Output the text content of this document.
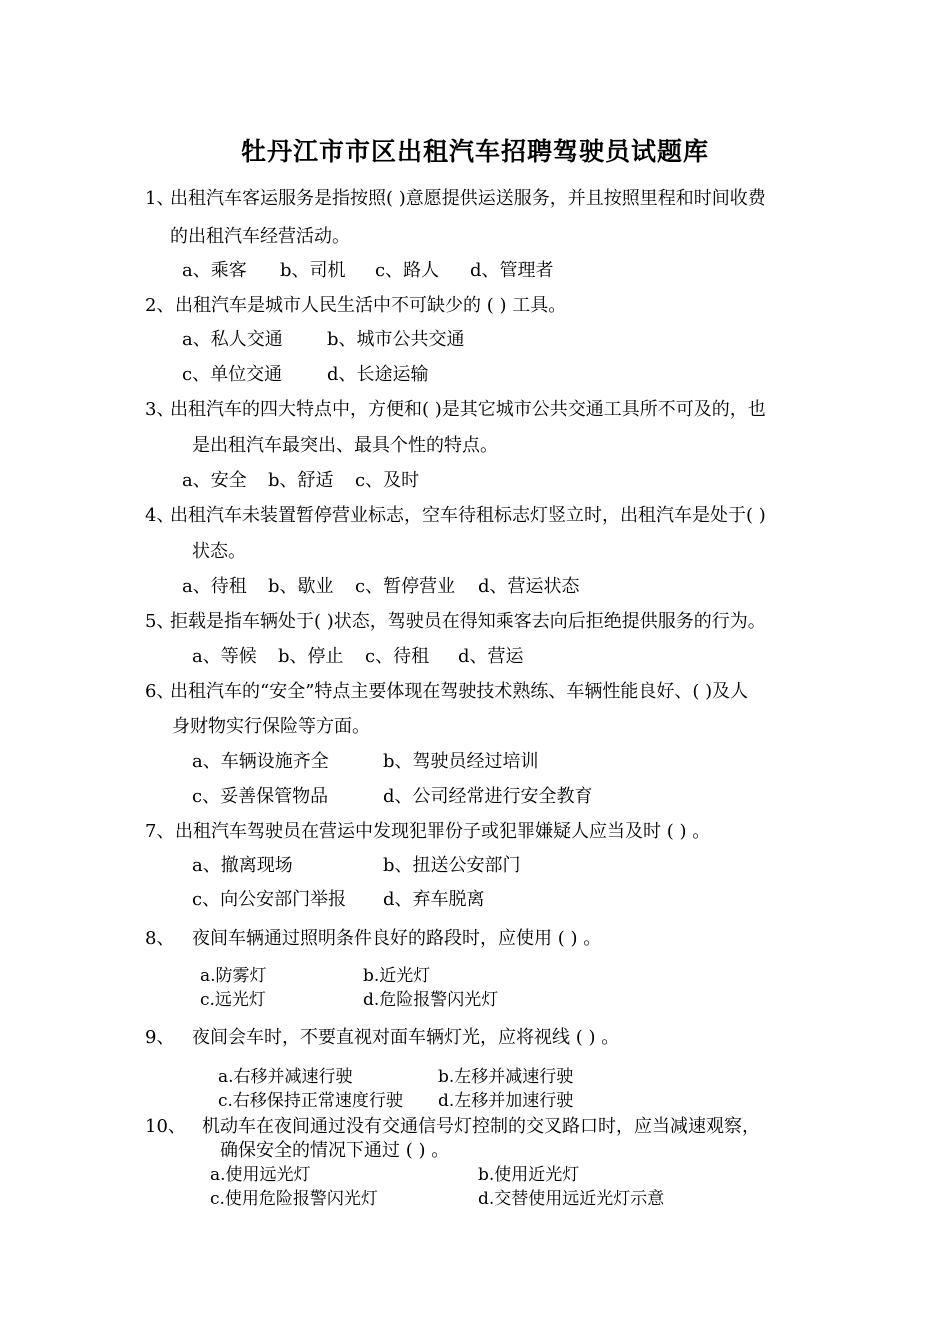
牡丹江市市区出租汽车招聘驾驶员试题库
1、
出租汽车客运服务是指按照( )意愿提供运送服务，并且按照里程和时间收费
的出租汽车经营活动。
a、乘客 b、司机 c、路人 d、管理者
2、 出租汽车是城市人民生活中不可缺少的 ( ) 工具。
a、私人交通 b、城市公共交通
c、单位交通 d、长途运输
3、
出租汽车的四大特点中，方便和( )是其它城市公共交通工具所不可及的，也
是出租汽车最突出、最具个性的特点。
a、安全 b、舒适 c、及时
4、
出租汽车未装置暂停营业标志，空车待租标志灯竖立时，出租汽车是处于( )
状态。
a、待租 b、歇业 c、暂停营业 d、营运状态
5、
拒载是指车辆处于( )状态，驾驶员在得知乘客去向后拒绝提供服务的行为。
a、等候 b、停止 c、待租 d、营运
6、
出租汽车的“安全”特点主要体现在驾驶技术熟练、车辆性能良好、( )及人
身财物实行保险等方面。
a、车辆设施齐全	b、驾驶员经过培训
c、妥善保管物品	d、公司经常进行安全教育
7、 出租汽车驾驶员在营运中发现犯罪份子或犯罪嫌疑人应当及时 ( ) 。
a、撤离现场	b、扭送公安部门
c、向公安部门举报 d、弃车脱离
8、 夜间车辆通过照明条件良好的路段时，应使用 ( ) 。
a.防雾灯	b.近光灯
c.远光灯	d.危险报警闪光灯
9、 夜间会车时，不要直视对面车辆灯光，应将视线 ( ) 。
a.右移并减速行驶	b.左移并减速行驶
c.右移保持正常速度行驶 d.左移并加速行驶
10、 机动车在夜间通过没有交通信号灯控制的交叉路口时，应当减速观察，
确保安全的情况下通过 ( ) 。
a.使用远光灯	b.使用近光灯
c.使用危险报警闪光灯	d.交替使用远近光灯示意
